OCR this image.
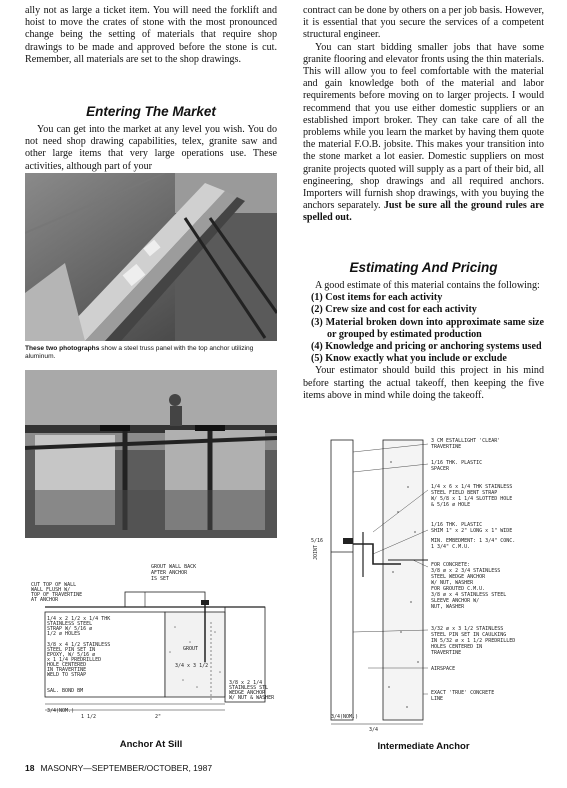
ally not as large a ticket item. You will need the forklift and hoist to move the crates of stone with the most pronounced change being the setting of materials that require shop drawings to be made and approved before the stone is cut. Remember, all materials are set to the shop drawings.

Entering The Market

You can get into the market at any level you wish. You do not need shop drawing capabilities, telex, granite saw and other large items that very large operations use. These activities, although part of your

These two photographs show a steel truss panel with the top anchor utilizing aluminum.
GROUT WALL BACK
AFTER ANCHOR
IS SET
CUT TOP OF WALL
WALL FLUSH W/
TOP OF TRAVERTINE
AT ANCHOR
1/4 x 2 1/2 x 1/4 THK
STAINLESS STEEL
STRAP W/ 5/16 ø
1/2 ø HOLES
3/8 x 4 1/2 STAINLESS
STEEL PIN SET IN
EPOXY, W/ 5/16 ø
x 1 1/4 PREDRILLED
HOLE CENTERED
IN TRAVERTINE
WELD TO STRAP
3/8 x 2 1/4
STAINLESS STL
WEDGE ANCHOR
W/ NUT & WASHER
SAL. BOND BM
1 1/2	2"
GROUT
3/4 x 3 1/2
3/4(NOM.)
Anchor At Sill

contract can be done by others on a per job basis. However, it is essential that you secure the services of a competent structural engineer.

You can start bidding smaller jobs that have some granite flooring and elevator fronts using the thin materials. This will allow you to feel comfortable with the material and gain knowledge both of the material and labor requirements before moving on to larger projects. I would recommend that you use either domestic suppliers or an established import broker. They can take care of all the problems while you learn the market by having them quote the material F.O.B. jobsite. This makes your transition into the stone market a lot easier. Domestic suppliers on most granite projects quoted will supply as a part of their bid, all engineering, shop drawings and all required anchors. Importers will furnish shop drawings, with you buying the anchors separately. Just be sure all the ground rules are spelled out.

Estimating And Pricing

A good estimate of this material contains the following:

(1) Cost items for each activity
(2) Crew size and cost for each activity
(3) Material broken down into approximate same size or grouped by estimated production
(4) Knowledge and pricing or anchoring systems used
(5) Know exactly what you include or exclude

Your estimator should build this project in his mind before starting the actual takeoff, then keeping the five items above in mind while doing the takeoff.

3 CM ESTALLIGHT 'CLEAR'
TRAVERTINE
1/16 THK. PLASTIC
SPACER
1/4 x 6 x 1/4 THK STAINLESS
STEEL FIELD BENT STRAP
W/ 5/8 x 1 1/4 SLOTTED HOLE
& 5/16 ø HOLE
1/16 THK. PLASTIC
SHIM 1" x 2" LONG x 1" WIDE
MIN. EMBEDMENT: 1 3/4" CONC.
1 3/4" C.M.U.
FOR CONCRETE:
3/8 ø x 2 3/4 STAINLESS
STEEL WEDGE ANCHOR
W/ NUT, WASHER
FOR GROUTED C.M.U.
3/8 ø x 4 STAINLESS STEEL
SLEEVE ANCHOR W/
NUT, WASHER
3/32 ø x 3 1/2 STAINLESS
STEEL PIN SET IN CAULKING
IN 5/32 ø x 1 1/2 PREDRILLED
HOLES CENTERED IN
TRAVERTINE
AIRSPACE
EXACT 'TRUE' CONCRETE
LINE
JOINT
3/4
3/4(NOM.)
5/16
Intermediate Anchor
18 MASONRY—SEPTEMBER/OCTOBER, 1987
